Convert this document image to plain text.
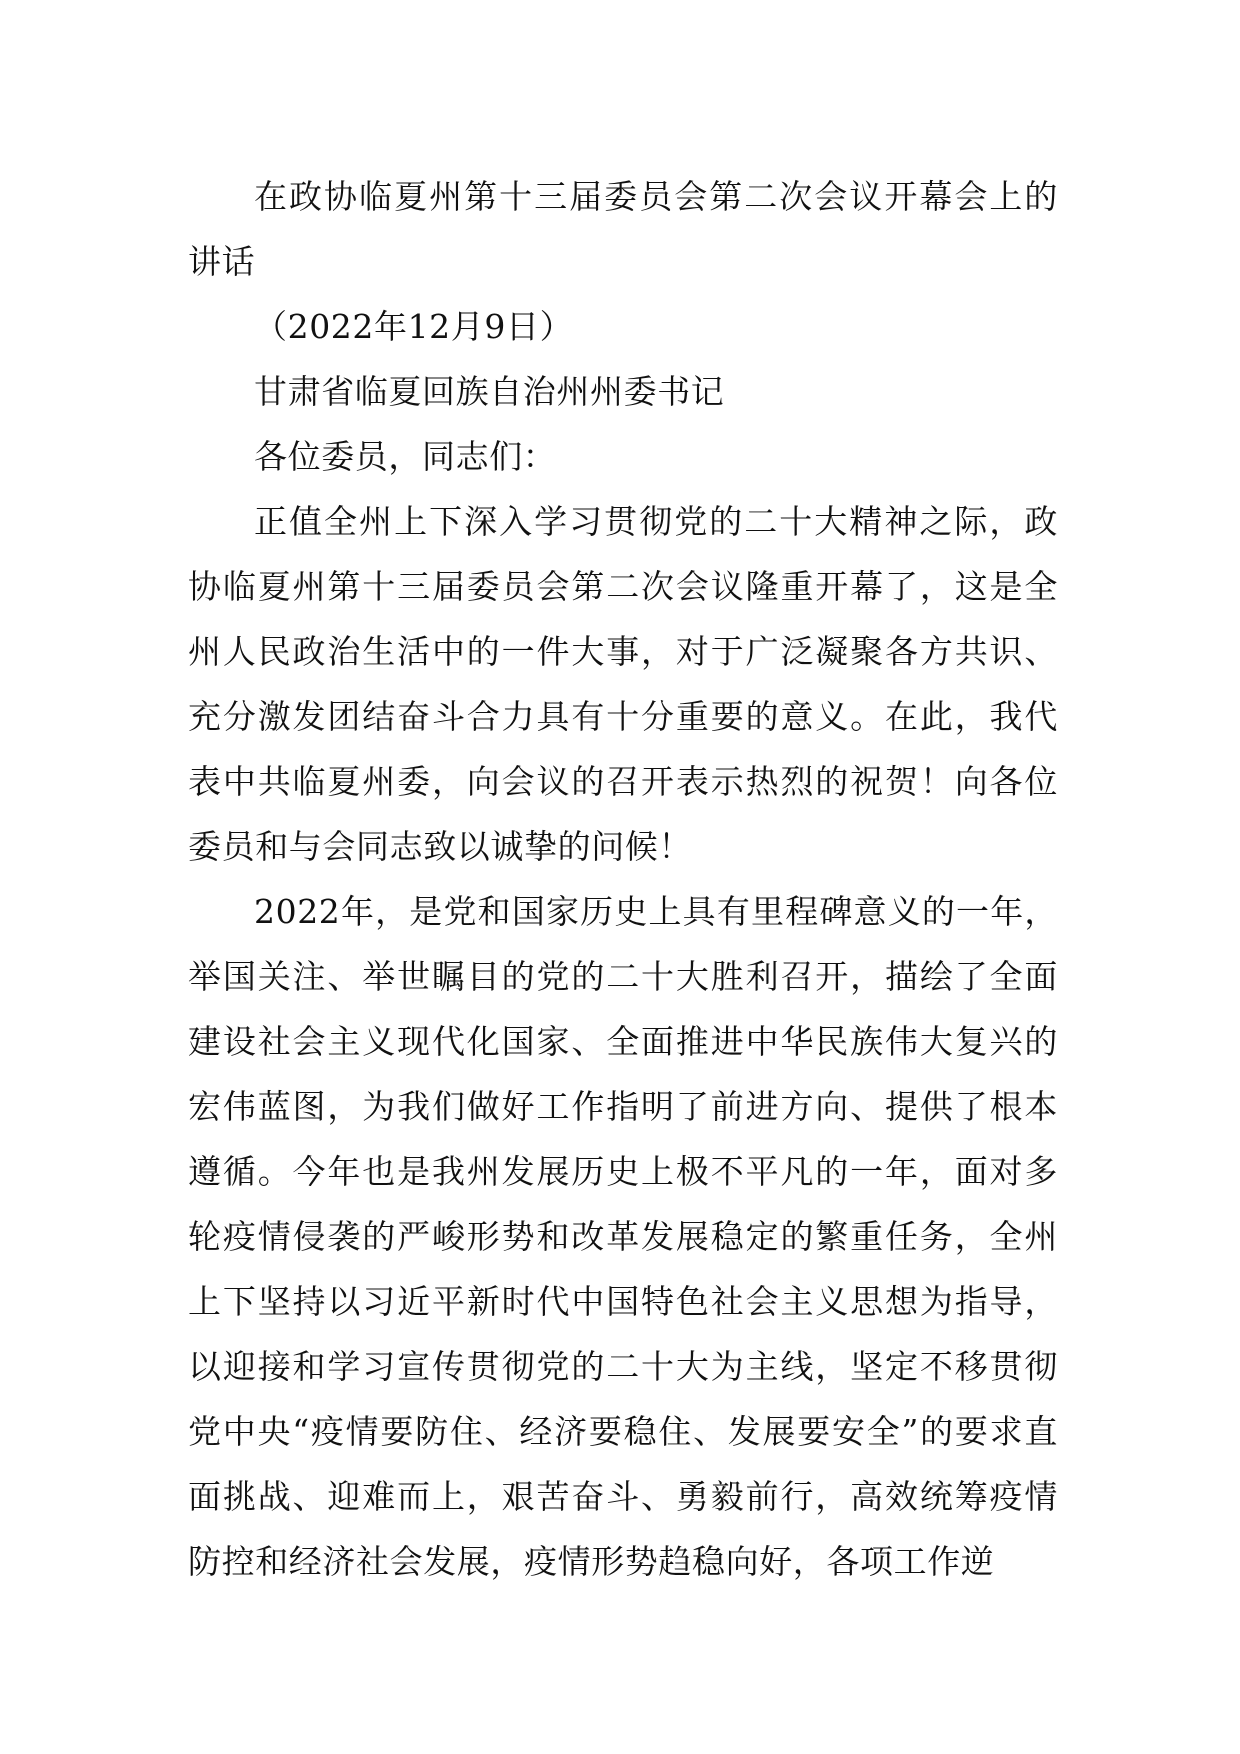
在政协临夏州第十三届委员会第二次会议开幕会上的讲话

（2022年12月9日）

甘肃省临夏回族自治州州委书记

各位委员，同志们：

正值全州上下深入学习贯彻党的二十大精神之际，政协临夏州第十三届委员会第二次会议隆重开幕了，这是全州人民政治生活中的一件大事，对于广泛凝聚各方共识、充分激发团结奋斗合力具有十分重要的意义。在此，我代表中共临夏州委，向会议的召开表示热烈的祝贺！向各位委员和与会同志致以诚挚的问候！

2022年，是党和国家历史上具有里程碑意义的一年，举国关注、举世瞩目的党的二十大胜利召开，描绘了全面建设社会主义现代化国家、全面推进中华民族伟大复兴的宏伟蓝图，为我们做好工作指明了前进方向、提供了根本遵循。今年也是我州发展历史上极不平凡的一年，面对多轮疫情侵袭的严峻形势和改革发展稳定的繁重任务，全州上下坚持以习近平新时代中国特色社会主义思想为指导，以迎接和学习宣传贯彻党的二十大为主线，坚定不移贯彻党中央“疫情要防住、经济要稳住、发展要安全”的要求直面挑战、迎难而上，艰苦奋斗、勇毅前行，高效统筹疫情防控和经济社会发展，疫情形势趋稳向好，各项工作逆
